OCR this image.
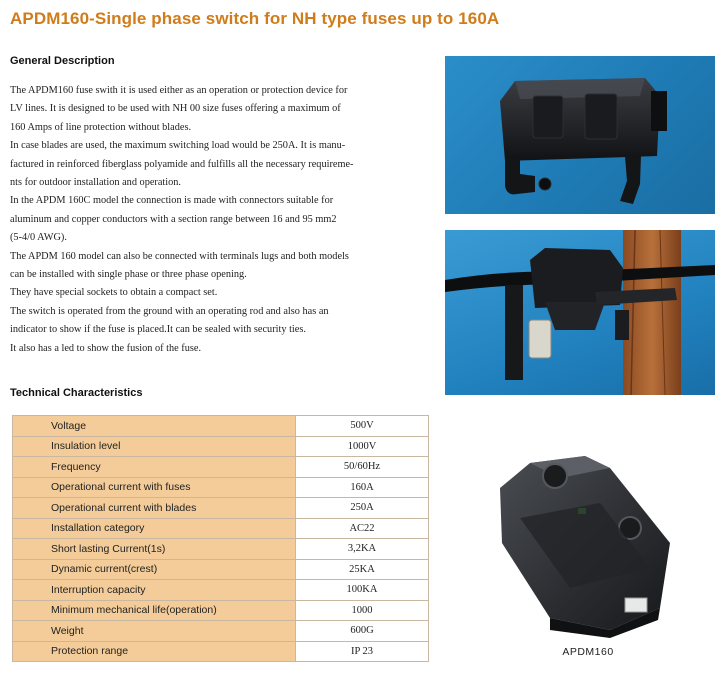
APDM160-Single phase switch for NH type fuses up to 160A
General Description
The APDM160 fuse swith it is used either as an operation or protection device for
LV lines. It is designed to be used with NH 00 size fuses offering a maximum of
160 Amps of line protection without blades.
In case blades are used, the maximum switching load would be 250A. It is manu-
factured in reinforced fiberglass polyamide and fulfills all the necessary requireme-
nts for outdoor installation and operation.
In the APDM 160C model the connection is made with connectors suitable for
aluminum and copper conductors with a section range between 16 and 95 mm2
(5-4/0 AWG).
The APDM 160 model can also be connected with terminals lugs and both models
can be installed with single phase or three phase opening.
They have special sockets to obtain a compact set.
The switch is operated from the ground with an operating rod and also has an
indicator to show if the fuse is placed.It can be sealed with security ties.
It also has a led to show the fusion of the fuse.
Technical Characteristics
Voltage	500V
Insulation level	1000V
Frequency	50/60Hz
Operational current with fuses	160A
Operational current with blades	250A
Installation category	AC22
Short lasting Current(1s)	3,2KA
Dynamic current(crest)	25KA
Interruption capacity	100KA
Minimum mechanical life(operation)	1000
Weight	600G
Protection range	IP 23	APDM160
